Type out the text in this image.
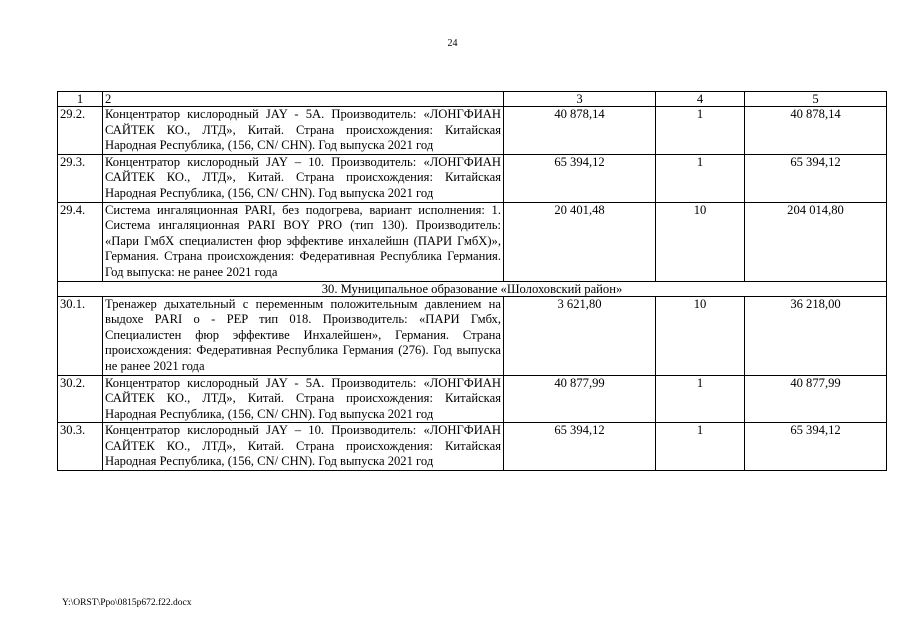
24
1	2	3	4	5
29.2.	Концентратор кислородный JAY - 5А. Производитель: «ЛОНГФИАН САЙТЕК КО., ЛТД», Китай. Страна происхождения: Китайская Народная Республика, (156, CN/ CHN). Год выпуска 2021 год	40 878,14	1	40 878,14
29.3.	Концентратор кислородный JAY – 10. Производитель: «ЛОНГФИАН САЙТЕК КО., ЛТД», Китай. Страна происхождения: Китайская Народная Республика, (156, CN/ CHN). Год выпуска 2021 год	65 394,12	1	65 394,12
29.4.	Система ингаляционная PARI, без подогрева, вариант исполнения: 1. Система ингаляционная PARI BOY PRO (тип 130). Производитель: «Пари ГмбХ специалистен фюр эффективе инхалейшн (ПАРИ ГмбХ)», Германия. Страна происхождения: Федеративная Республика Германия. Год выпуска: не ранее 2021 года	20 401,48	10	204 014,80
30. Муниципальное образование «Шолоховский район»				
30.1.	Тренажер дыхательный с переменным положительным давлением на выдохе PARI o - PEP тип 018. Производитель: «ПАРИ Гмбх, Специалистен фюр эффективе Инхалейшен», Германия. Страна происхождения: Федеративная Республика Германия (276). Год выпуска не ранее 2021 года	3 621,80	10	36 218,00
30.2.	Концентратор кислородный JAY - 5А. Производитель: «ЛОНГФИАН САЙТЕК КО., ЛТД», Китай. Страна происхождения: Китайская Народная Республика, (156, CN/ CHN). Год выпуска 2021 год	40 877,99	1	40 877,99
30.3.	Концентратор кислородный JAY – 10. Производитель: «ЛОНГФИАН САЙТЕК КО., ЛТД», Китай. Страна происхождения: Китайская Народная Республика, (156, CN/ CHN). Год выпуска 2021 год	65 394,12	1	65 394,12
Y:\ORST\Ppo\0815p672.f22.docx
